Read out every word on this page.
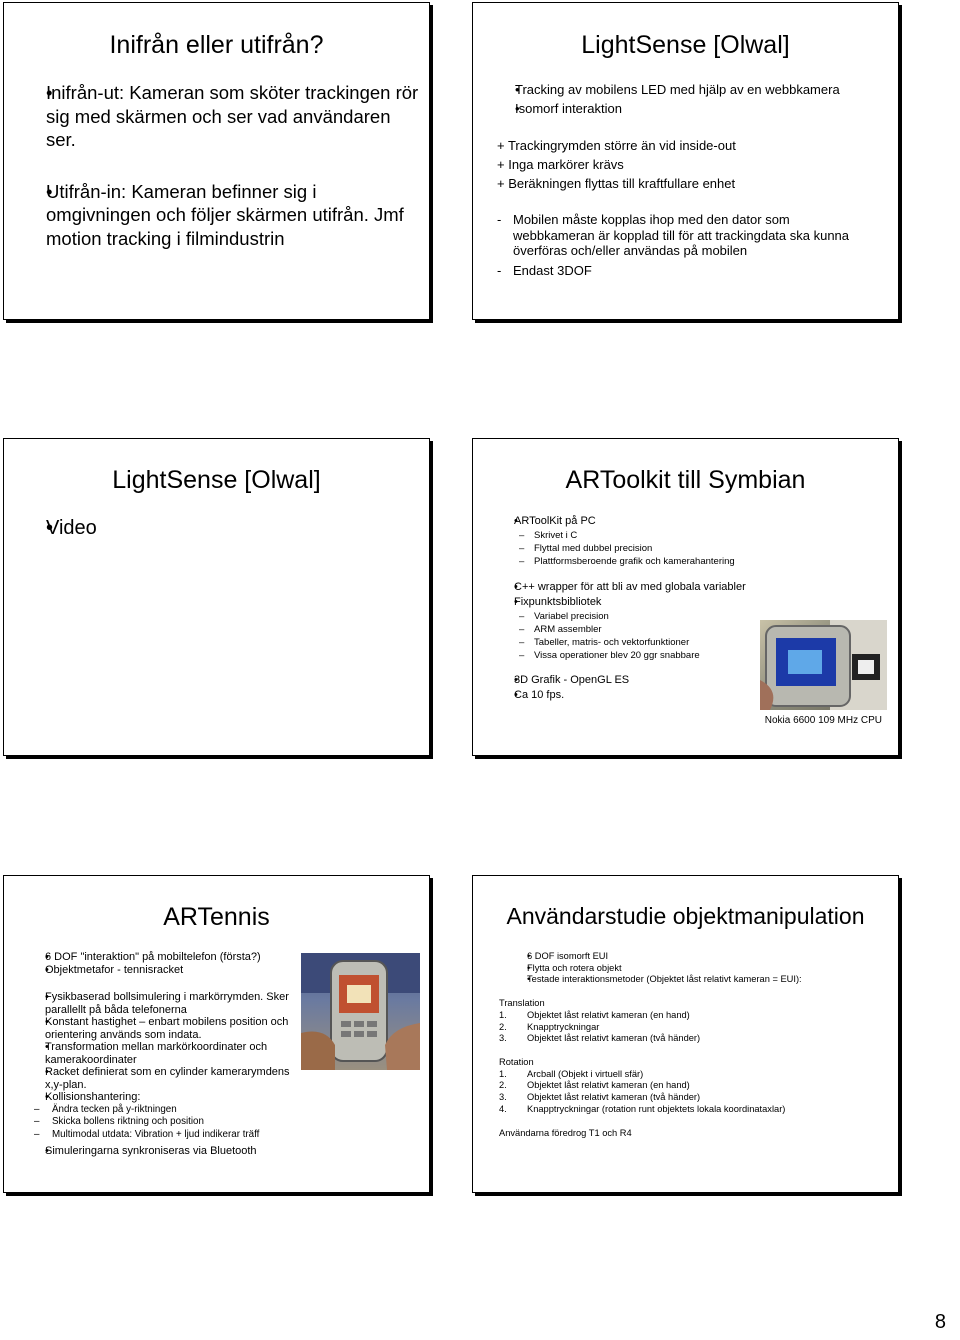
Inifrån eller utifrån?
• Inifrån-ut: Kameran som sköter trackingen rör sig med skärmen och ser vad användaren ser.
• Utifrån-in: Kameran befinner sig i omgivningen och följer skärmen utifrån. Jmf motion tracking i filmindustrin
LightSense [Olwal]
• Tracking av mobilens LED med hjälp av en webbkamera
• Isomorf interaktion
+ Trackingrymden större än vid inside-out
+ Inga markörer krävs
+ Beräkningen flyttas till kraftfullare enhet
- Mobilen måste kopplas ihop med den dator som webbkameran är kopplad till för att trackingdata ska kunna överföras och/eller användas på mobilen
- Endast 3DOF
LightSense [Olwal]
• Video
ARToolkit till Symbian
• ARToolKit på PC
– Skrivet i C
– Flyttal med dubbel precision
– Plattformsberoende grafik och kamerahantering
• C++ wrapper för att bli av med globala variabler
• Fixpunktsbibliotek
– Variabel precision
– ARM assembler
– Tabeller, matris- och vektorfunktioner
– Vissa operationer blev 20 ggr snabbare
• 3D Grafik - OpenGL ES
• Ca 10 fps.
Nokia 6600 109 MHz CPU
ARTennis
• 6 DOF "interaktion" på mobiltelefon (första?)
• Objektmetafor - tennisracket
• Fysikbaserad bollsimulering i markörrymden. Sker parallellt på båda telefonerna
• Konstant hastighet – enbart mobilens position och orientering används som indata.
• Transformation mellan markörkoordinater och kamerakoordinater
• Racket definierat som en cylinder kamerarymdens x,y-plan.
• Kollisionshantering:
– Ändra tecken på y-riktningen
– Skicka bollens riktning och position
– Multimodal utdata: Vibration + ljud indikerar träff
• Simuleringarna synkroniseras via Bluetooth
Användarstudie objektmanipulation
• 6 DOF isomorft EUI
• Flytta och rotera objekt
• Testade interaktionsmetoder (Objektet låst relativt kameran = EUI):
Translation
1. Objektet låst relativt kameran (en hand)
2. Knapptryckningar
3. Objektet låst relativt kameran (två händer)
Rotation
1. Arcball (Objekt i virtuell sfär)
2. Objektet låst relativt kameran (en hand)
3. Objektet låst relativt kameran (två händer)
4. Knapptryckningar (rotation runt objektets lokala koordinataxlar)
Användarna föredrog T1 och R4
8
